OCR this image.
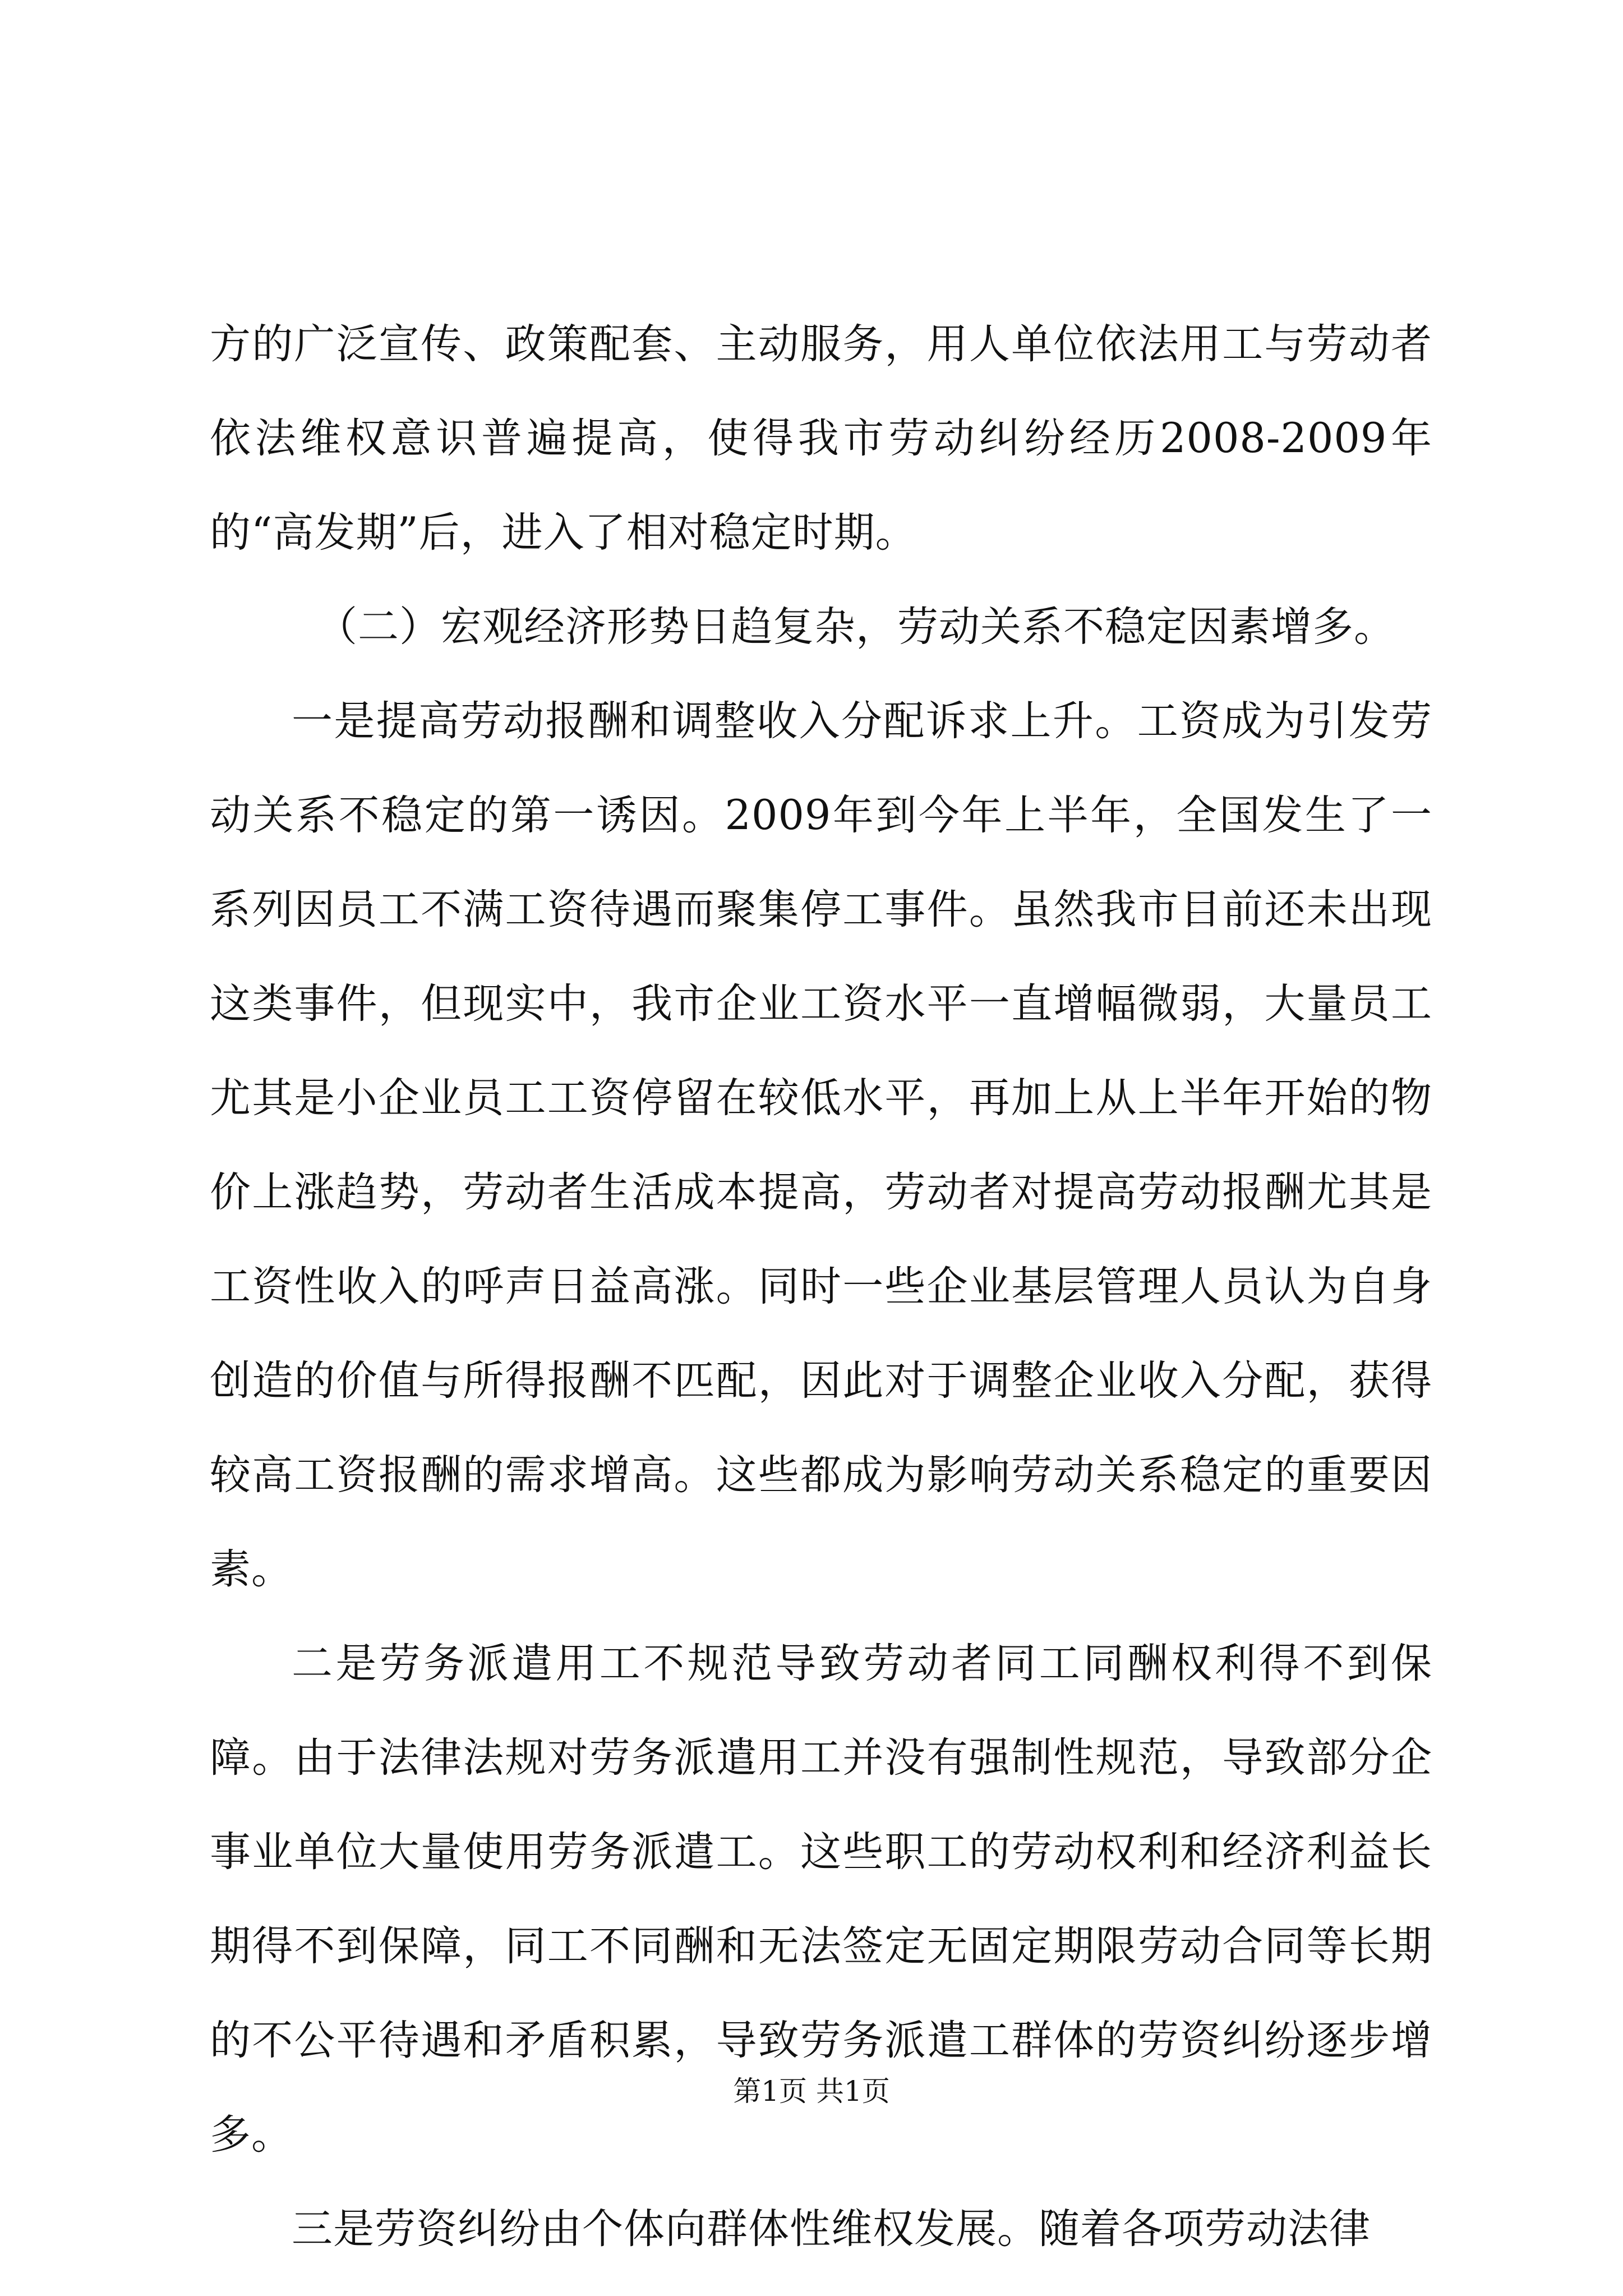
方的广泛宣传、政策配套、主动服务，用人单位依法用工与劳动者依法维权意识普遍提高，使得我市劳动纠纷经历2008-2009年的“高发期”后，进入了相对稳定时期。

（二）宏观经济形势日趋复杂，劳动关系不稳定因素增多。

一是提高劳动报酬和调整收入分配诉求上升。工资成为引发劳动关系不稳定的第一诱因。2009年到今年上半年，全国发生了一系列因员工不满工资待遇而聚集停工事件。虽然我市目前还未出现这类事件，但现实中，我市企业工资水平一直增幅微弱，大量员工尤其是小企业员工工资停留在较低水平，再加上从上半年开始的物价上涨趋势，劳动者生活成本提高，劳动者对提高劳动报酬尤其是工资性收入的呼声日益高涨。同时一些企业基层管理人员认为自身创造的价值与所得报酬不匹配，因此对于调整企业收入分配，获得较高工资报酬的需求增高。这些都成为影响劳动关系稳定的重要因素。

二是劳务派遣用工不规范导致劳动者同工同酬权利得不到保障。由于法律法规对劳务派遣用工并没有强制性规范，导致部分企事业单位大量使用劳务派遣工。这些职工的劳动权利和经济利益长期得不到保障，同工不同酬和无法签定无固定期限劳动合同等长期的不公平待遇和矛盾积累，导致劳务派遣工群体的劳资纠纷逐步增多。

三是劳资纠纷由个体向群体性维权发展。随着各项劳动法律

第1页 共1页
